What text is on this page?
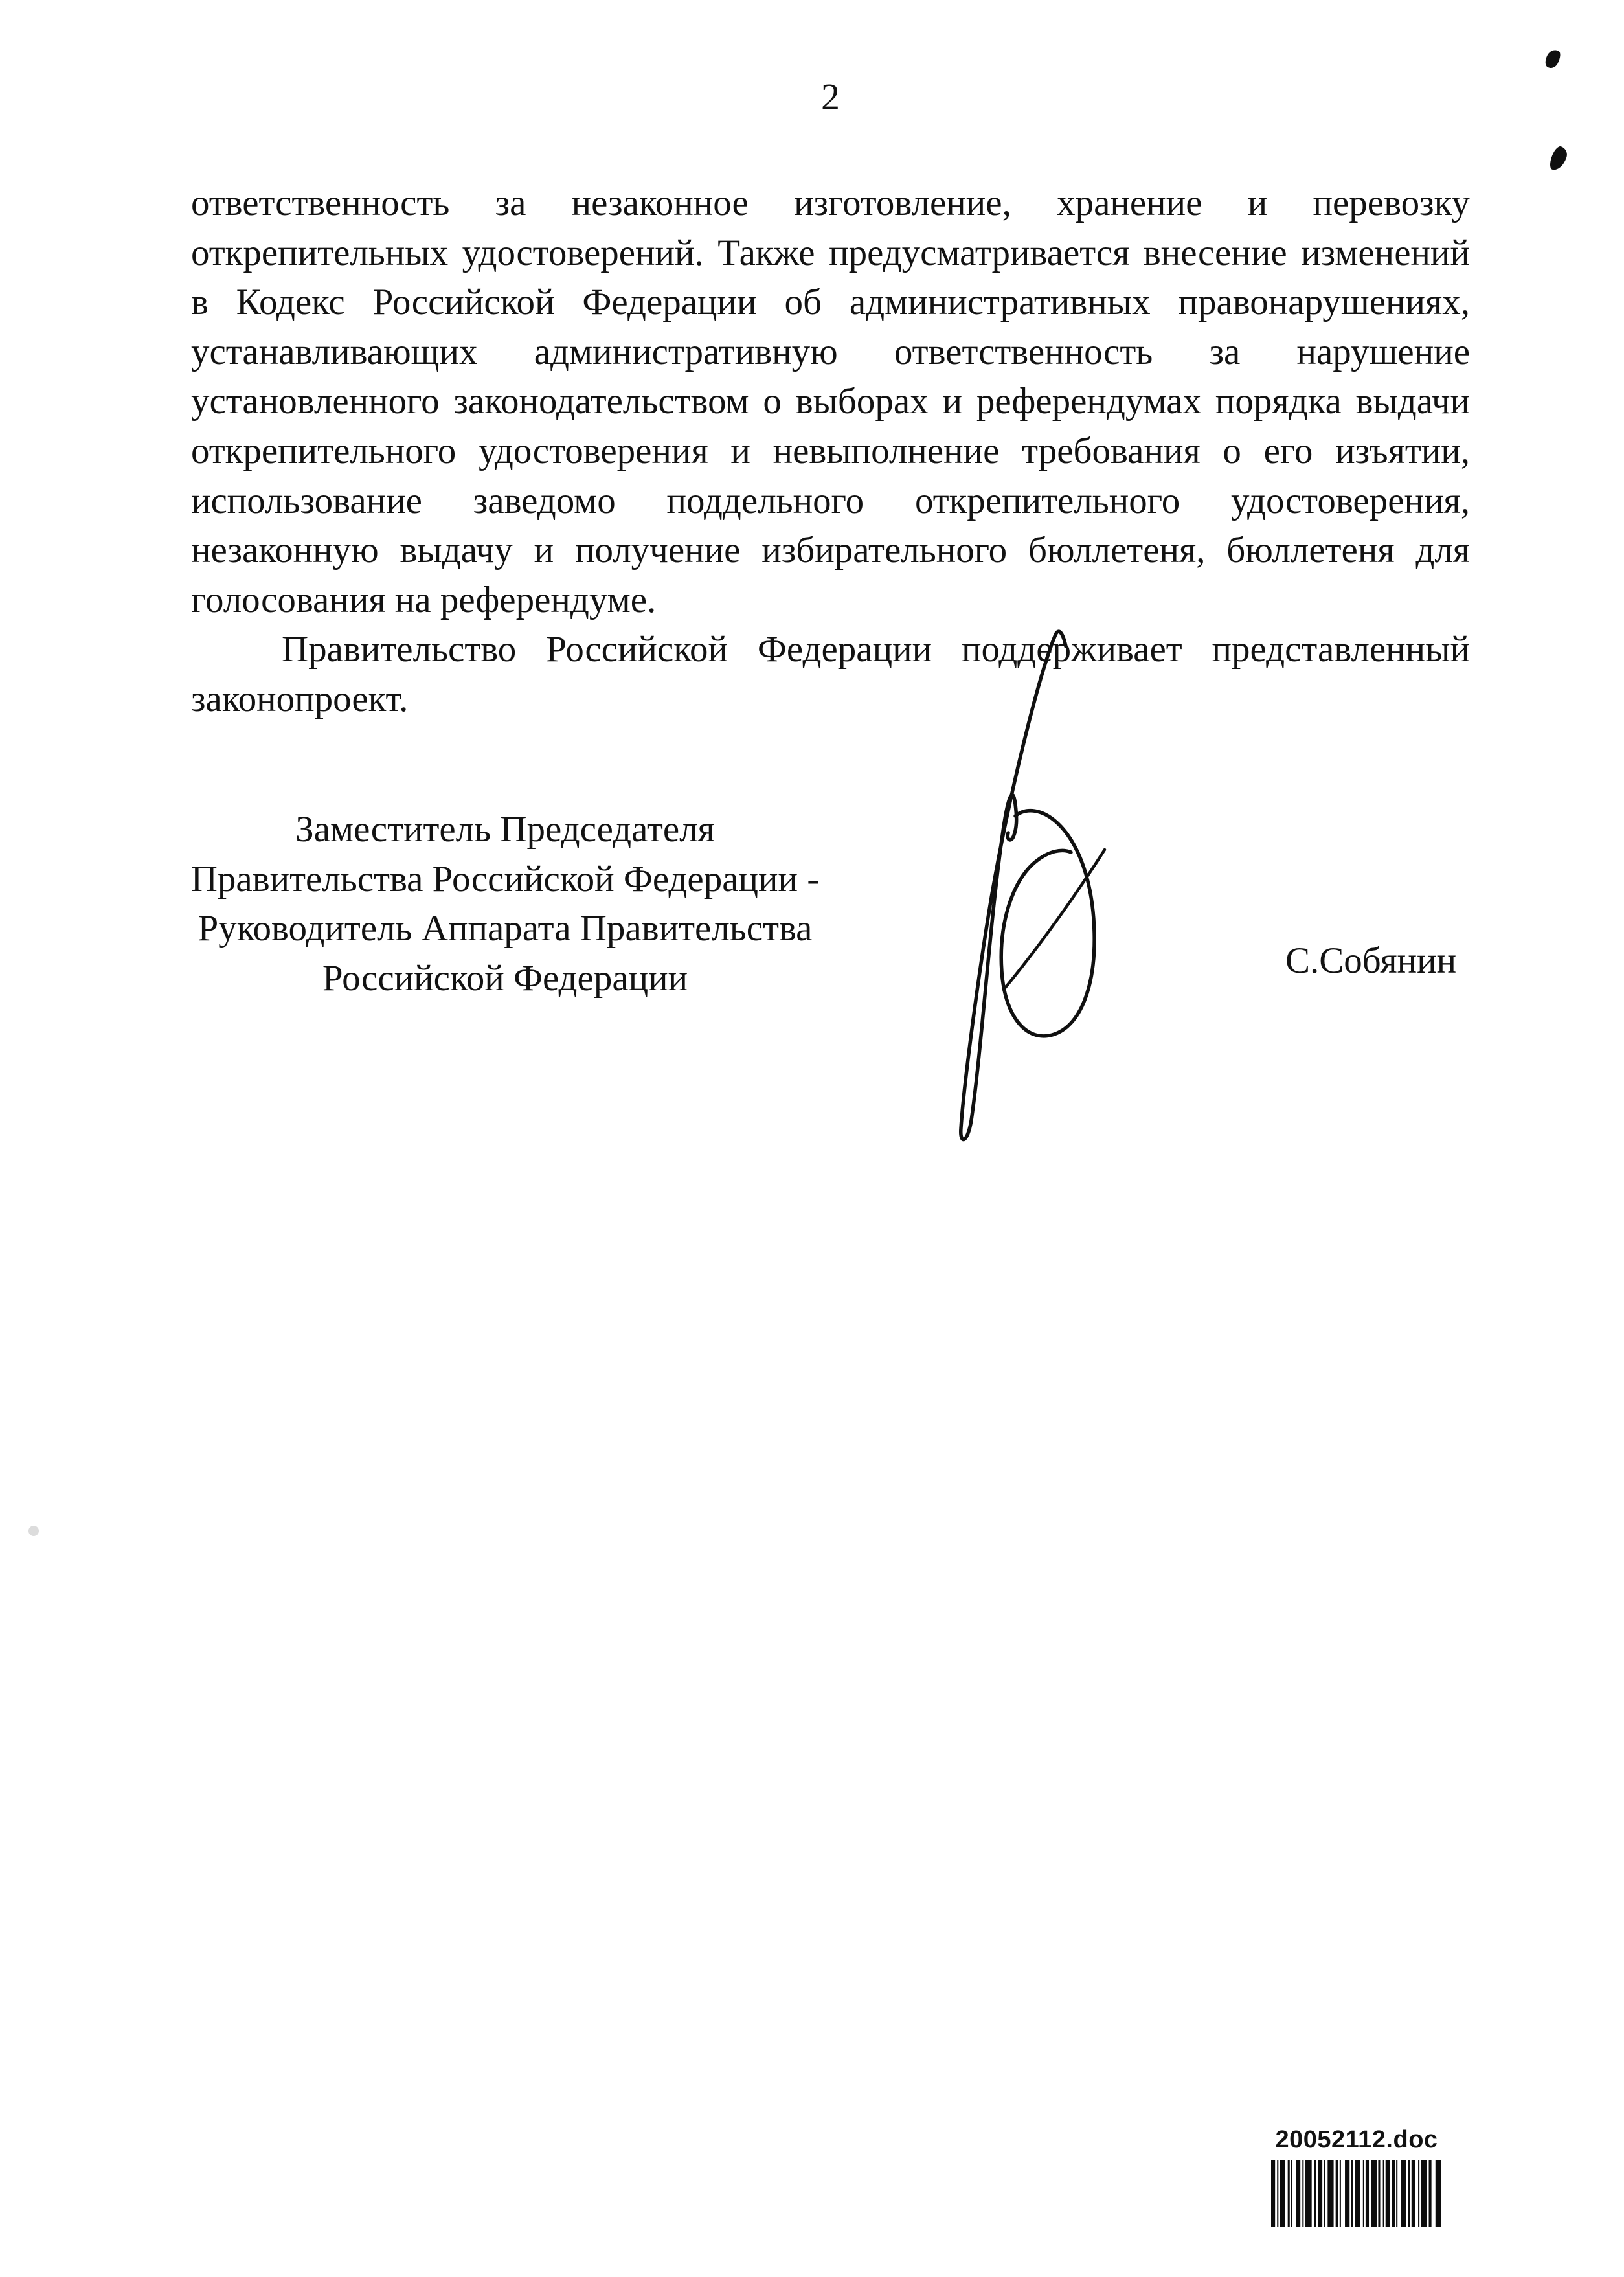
2
ответственность за незаконное изготовление, хранение и перевозку
открепительных удостоверений. Также предусматривается внесение изменений
в Кодекс Российской Федерации об административных правонарушениях,
устанавливающих административную ответственность за нарушение
установленного законодательством о выборах и референдумах порядка выдачи
открепительного удостоверения и невыполнение требования о его изъятии,
использование заведомо поддельного открепительного удостоверения,
незаконную выдачу и получение избирательного бюллетеня, бюллетеня для
голосования на референдуме.
Правительство Российской Федерации поддерживает представленный
законопроект.
Заместитель Председателя
Правительства Российской Федерации -
Руководитель Аппарата Правительства
Российской Федерации	С.Собянин
20052112.doc
